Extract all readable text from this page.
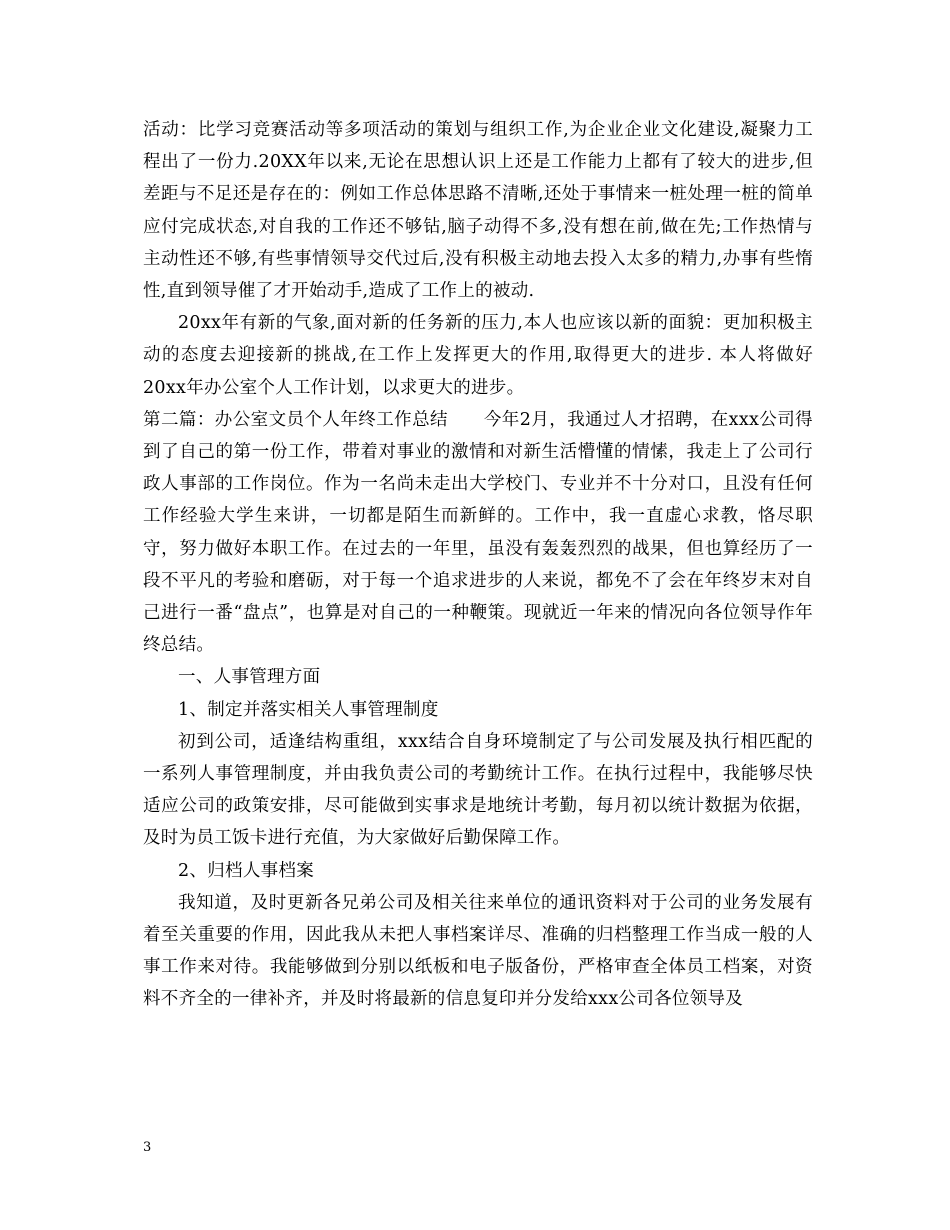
活动：比学习竞赛活动等多项活动的策划与组织工作,为企业企业文化建设,凝聚力工程出了一份力.20XX年以来,无论在思想认识上还是工作能力上都有了较大的进步,但差距与不足还是存在的：例如工作总体思路不清晰,还处于事情来一桩处理一桩的简单应付完成状态,对自我的工作还不够钻,脑子动得不多,没有想在前,做在先;工作热情与主动性还不够,有些事情领导交代过后,没有积极主动地去投入太多的精力,办事有些惰性,直到领导催了才开始动手,造成了工作上的被动.

20xx年有新的气象,面对新的任务新的压力,本人也应该以新的面貌：更加积极主动的态度去迎接新的挑战,在工作上发挥更大的作用,取得更大的进步. 本人将做好20xx年办公室个人工作计划，以求更大的进步。

第二篇：办公室文员个人年终工作总结　　今年2月，我通过人才招聘，在xxx公司得到了自己的第一份工作，带着对事业的激情和对新生活懵懂的情愫，我走上了公司行政人事部的工作岗位。作为一名尚未走出大学校门、专业并不十分对口，且没有任何工作经验大学生来讲，一切都是陌生而新鲜的。工作中，我一直虚心求教，恪尽职守，努力做好本职工作。在过去的一年里，虽没有轰轰烈烈的战果，但也算经历了一段不平凡的考验和磨砺，对于每一个追求进步的人来说，都免不了会在年终岁末对自己进行一番“盘点”，也算是对自己的一种鞭策。现就近一年来的情况向各位领导作年终总结。

一、人事管理方面

1、制定并落实相关人事管理制度

初到公司，适逢结构重组，xxx结合自身环境制定了与公司发展及执行相匹配的一系列人事管理制度，并由我负责公司的考勤统计工作。在执行过程中，我能够尽快适应公司的政策安排，尽可能做到实事求是地统计考勤，每月初以统计数据为依据，及时为员工饭卡进行充值，为大家做好后勤保障工作。

2、归档人事档案

我知道，及时更新各兄弟公司及相关往来单位的通讯资料对于公司的业务发展有着至关重要的作用，因此我从未把人事档案详尽、准确的归档整理工作当成一般的人事工作来对待。我能够做到分别以纸板和电子版备份，严格审查全体员工档案，对资料不齐全的一律补齐，并及时将最新的信息复印并分发给xxx公司各位领导及

3
